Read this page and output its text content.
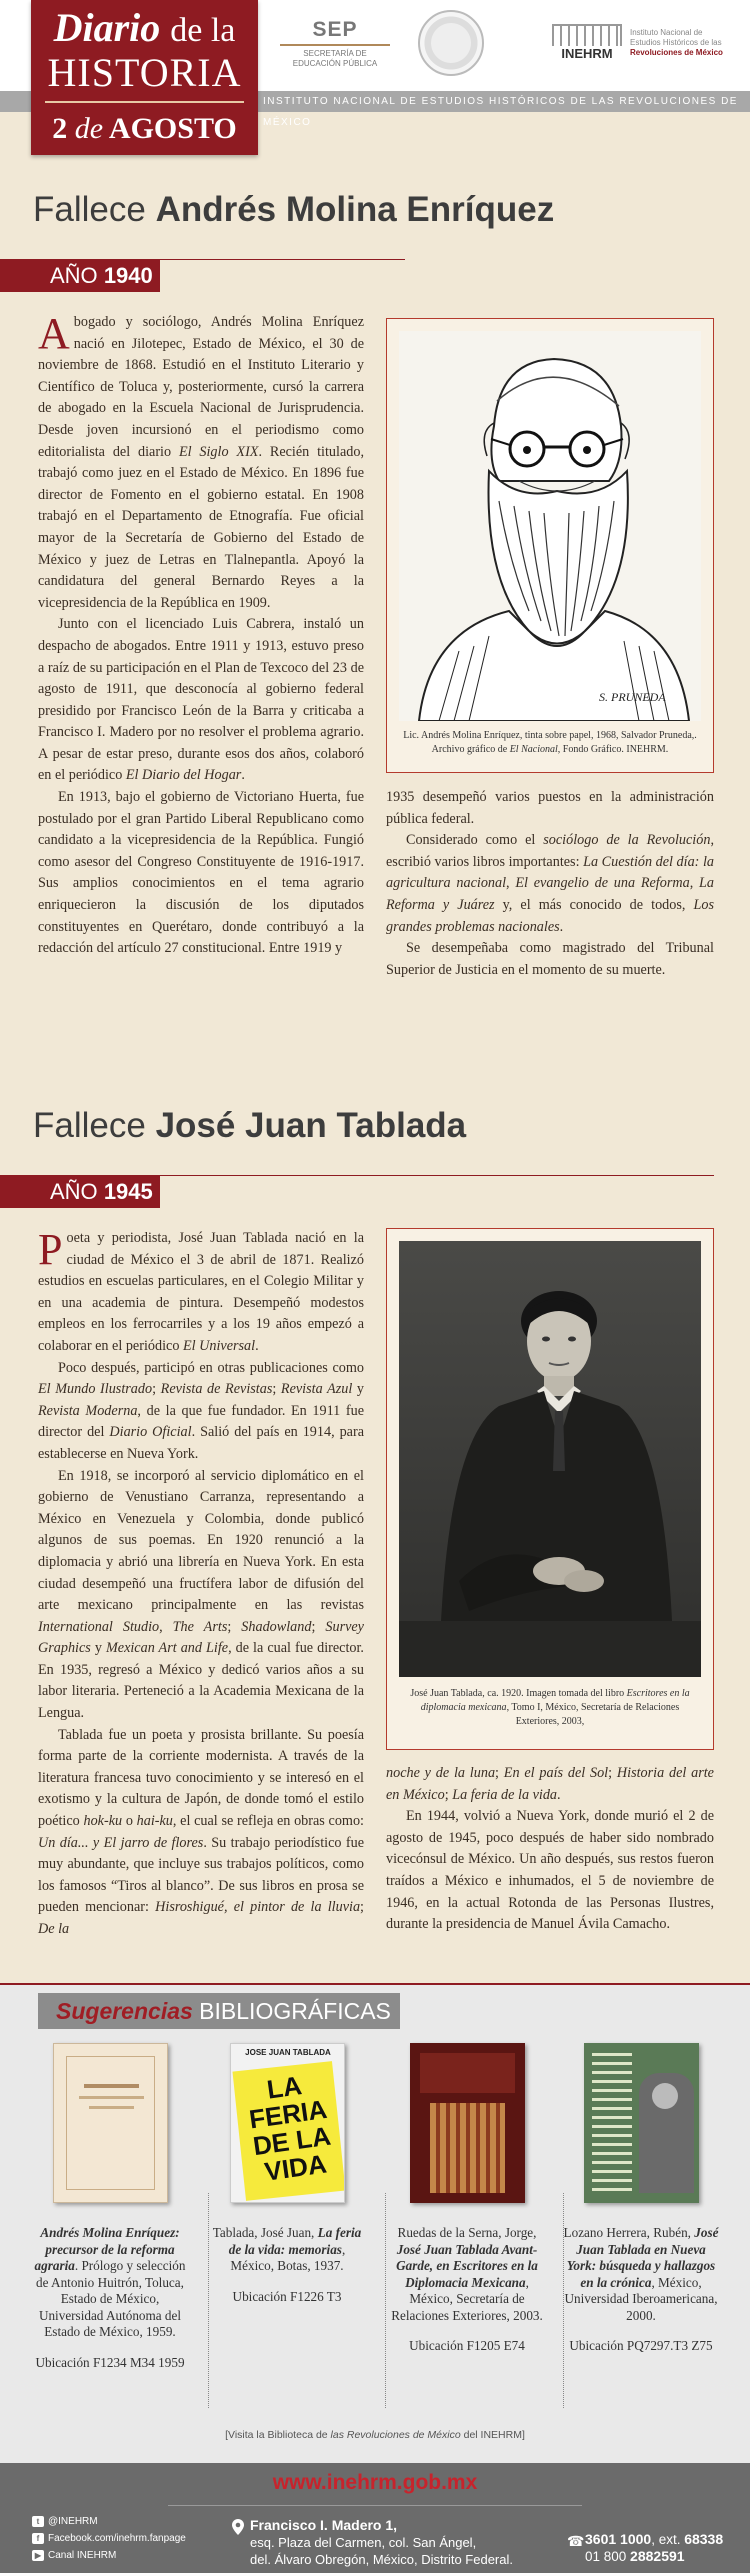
SEP
SECRETARÍA DE EDUCACIÓN PÚBLICA
INEHRM
Instituto Nacional de Estudios Históricos de las Revoluciones de México
INSTITUTO NACIONAL DE ESTUDIOS HISTÓRICOS DE LAS REVOLUCIONES DE MÉXICO
Diario de la
HISTORIA
2 de AGOSTO
Fallece Andrés Molina Enríquez
AÑO 1940

Abogado y sociólogo, Andrés Molina Enríquez nació en Jilotepec, Estado de México, el 30 de noviembre de 1868. Estudió en el Instituto Literario y Científico de Toluca y, posteriormente, cursó la carrera de abogado en la Escuela Nacional de Jurisprudencia. Desde joven incursionó en el periodismo como editorialista del diario El Siglo XIX. Recién titulado, trabajó como juez en el Estado de México. En 1896 fue director de Fomento en el gobierno estatal. En 1908 trabajó en el Departamento de Etnografía. Fue oficial mayor de la Secretaría de Gobierno del Estado de México y juez de Letras en Tlalnepantla. Apoyó la candidatura del general Bernardo Reyes a la vicepresidencia de la República en 1909.

Junto con el licenciado Luis Cabrera, instaló un despacho de abogados. Entre 1911 y 1913, estuvo preso a raíz de su participación en el Plan de Texcoco del 23 de agosto de 1911, que desconocía al gobierno federal presidido por Francisco León de la Barra y criticaba a Francisco I. Madero por no resolver el problema agrario. A pesar de estar preso, durante esos dos años, colaboró en el periódico El Diario del Hogar.

En 1913, bajo el gobierno de Victoriano Huerta, fue postulado por el gran Partido Liberal Republicano como candidato a la vicepresidencia de la República. Fungió como asesor del Congreso Constituyente de 1916-1917. Sus amplios conocimientos en el tema agrario enriquecieron la discusión de los diputados constituyentes en Querétaro, donde contribuyó a la redacción del artículo 27 constitucional. Entre 1919 y

S. PRUNEDA
Lic. Andrés Molina Enríquez, tinta sobre papel, 1968, Salvador Pruneda,. Archivo gráfico de El Nacional, Fondo Gráfico. INEHRM.

1935 desempeñó varios puestos en la administración pública federal.

Considerado como el sociólogo de la Revolución, escribió varios libros importantes: La Cuestión del día: la agricultura nacional, El evangelio de una Reforma, La Reforma y Juárez y, el más conocido de todos, Los grandes problemas nacionales.

Se desempeñaba como magistrado del Tribunal Superior de Justicia en el momento de su muerte.

Fallece José Juan Tablada
AÑO 1945

Poeta y periodista, José Juan Tablada nació en la ciudad de México el 3 de abril de 1871. Realizó estudios en escuelas particulares, en el Colegio Militar y en una academia de pintura. Desempeñó modestos empleos en los ferrocarriles y a los 19 años empezó a colaborar en el periódico El Universal.

Poco después, participó en otras publicaciones como El Mundo Ilustrado; Revista de Revistas; Revista Azul y Revista Moderna, de la que fue fundador. En 1911 fue director del Diario Oficial. Salió del país en 1914, para establecerse en Nueva York.

En 1918, se incorporó al servicio diplomático en el gobierno de Venustiano Carranza, representando a México en Venezuela y Colombia, donde publicó algunos de sus poemas. En 1920 renunció a la diplomacia y abrió una librería en Nueva York. En esta ciudad desempeñó una fructífera labor de difusión del arte mexicano principalmente en las revistas International Studio, The Arts; Shadowland; Survey Graphics y Mexican Art and Life, de la cual fue director. En 1935, regresó a México y dedicó varios años a su labor literaria. Perteneció a la Academia Mexicana de la Lengua.

Tablada fue un poeta y prosista brillante. Su poesía forma parte de la corriente modernista. A través de la literatura francesa tuvo conocimiento y se interesó en el exotismo y la cultura de Japón, de donde tomó el estilo poético hok-ku o hai-ku, el cual se refleja en obras como: Un día... y El jarro de flores. Su trabajo periodístico fue muy abundante, que incluye sus trabajos políticos, como los famosos “Tiros al blanco”. De sus libros en prosa se pueden mencionar: Hisroshigué, el pintor de la lluvia; De la

José Juan Tablada, ca. 1920. Imagen tomada del libro Escritores en la diplomacia mexicana, Tomo I, México, Secretaría de Relaciones Exteriores, 2003,

noche y de la luna; En el país del Sol; Historia del arte en México; La feria de la vida.

En 1944, volvió a Nueva York, donde murió el 2 de agosto de 1945, poco después de haber sido nombrado vicecónsul de México. Un año después, sus restos fueron traídos a México e inhumados, el 5 de noviembre de 1946, en la actual Rotonda de las Personas Ilustres, durante la presidencia de Manuel Ávila Camacho.

Sugerencias BIBLIOGRÁFICAS
Andrés Molina Enríquez: precursor de la reforma agraria. Prólogo y selección de Antonio Huitrón, Toluca, Estado de México, Universidad Autónoma del Estado de México, 1959.
Ubicación F1234 M34 1959
JOSE JUAN TABLADA
LA FERIA DE LA VIDA
Tablada, José Juan, La feria de la vida: memorias, México, Botas, 1937.
Ubicación F1226 T3
Ruedas de la Serna, Jorge, José Juan Tablada Avant-Garde, en Escritores en la Diplomacia Mexicana, México, Secretaría de Relaciones Exteriores, 2003.
Ubicación F1205 E74
Lozano Herrera, Rubén, José Juan Tablada en Nueva York: búsqueda y hallazgos en la crónica, México, Universidad Iberoamericana, 2000.
Ubicación PQ7297.T3 Z75
[Visita la Biblioteca de las Revoluciones de México del INEHRM]
www.inehrm.gob.mx
t @INEHRM
f Facebook.com/inehrm.fanpage
▶ Canal INEHRM
Francisco I. Madero 1,
esq. Plaza del Carmen, col. San Ángel,
del. Álvaro Obregón, México, Distrito Federal.
☎ 3601 1000, ext. 68338
01 800 2882591
